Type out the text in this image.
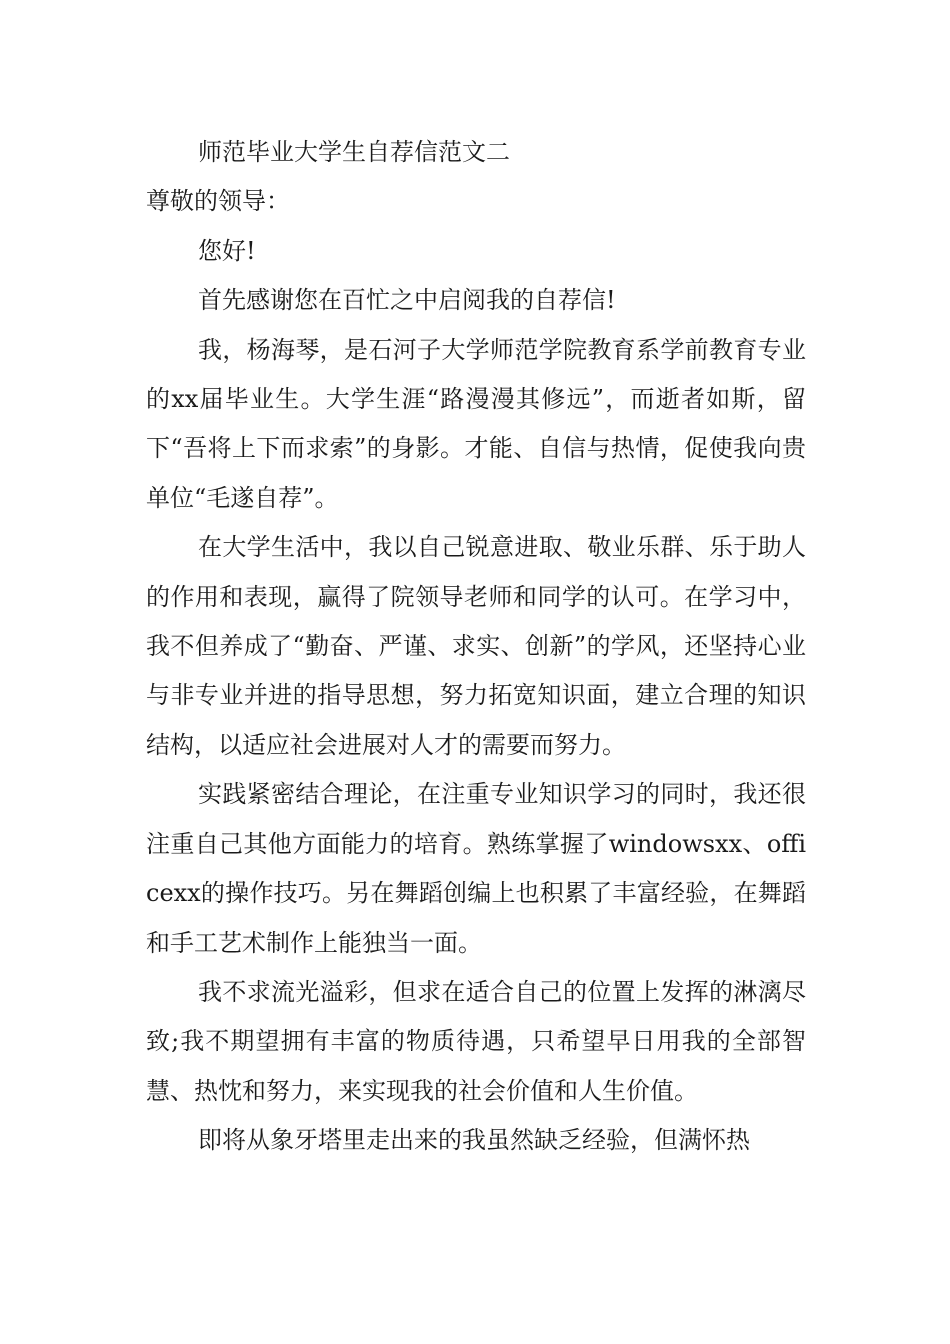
师范毕业大学生自荐信范文二

尊敬的领导：

您好!

首先感谢您在百忙之中启阅我的自荐信!

我，杨海琴，是石河子大学师范学院教育系学前教育专业的xx届毕业生。大学生涯“路漫漫其修远”，而逝者如斯，留下“吾将上下而求索”的身影。才能、自信与热情，促使我向贵单位“毛遂自荐”。

在大学生活中，我以自己锐意进取、敬业乐群、乐于助人的作用和表现，赢得了院领导老师和同学的认可。在学习中，我不但养成了“勤奋、严谨、求实、创新”的学风，还坚持心业与非专业并进的指导思想，努力拓宽知识面，建立合理的知识结构，以适应社会进展对人才的需要而努力。

实践紧密结合理论，在注重专业知识学习的同时，我还很注重自己其他方面能力的培育。熟练掌握了windowsxx、officexx的操作技巧。另在舞蹈创编上也积累了丰富经验，在舞蹈和手工艺术制作上能独当一面。

我不求流光溢彩，但求在适合自己的位置上发挥的淋漓尽致;我不期望拥有丰富的物质待遇，只希望早日用我的全部智慧、热忱和努力，来实现我的社会价值和人生价值。

即将从象牙塔里走出来的我虽然缺乏经验，但满怀热
